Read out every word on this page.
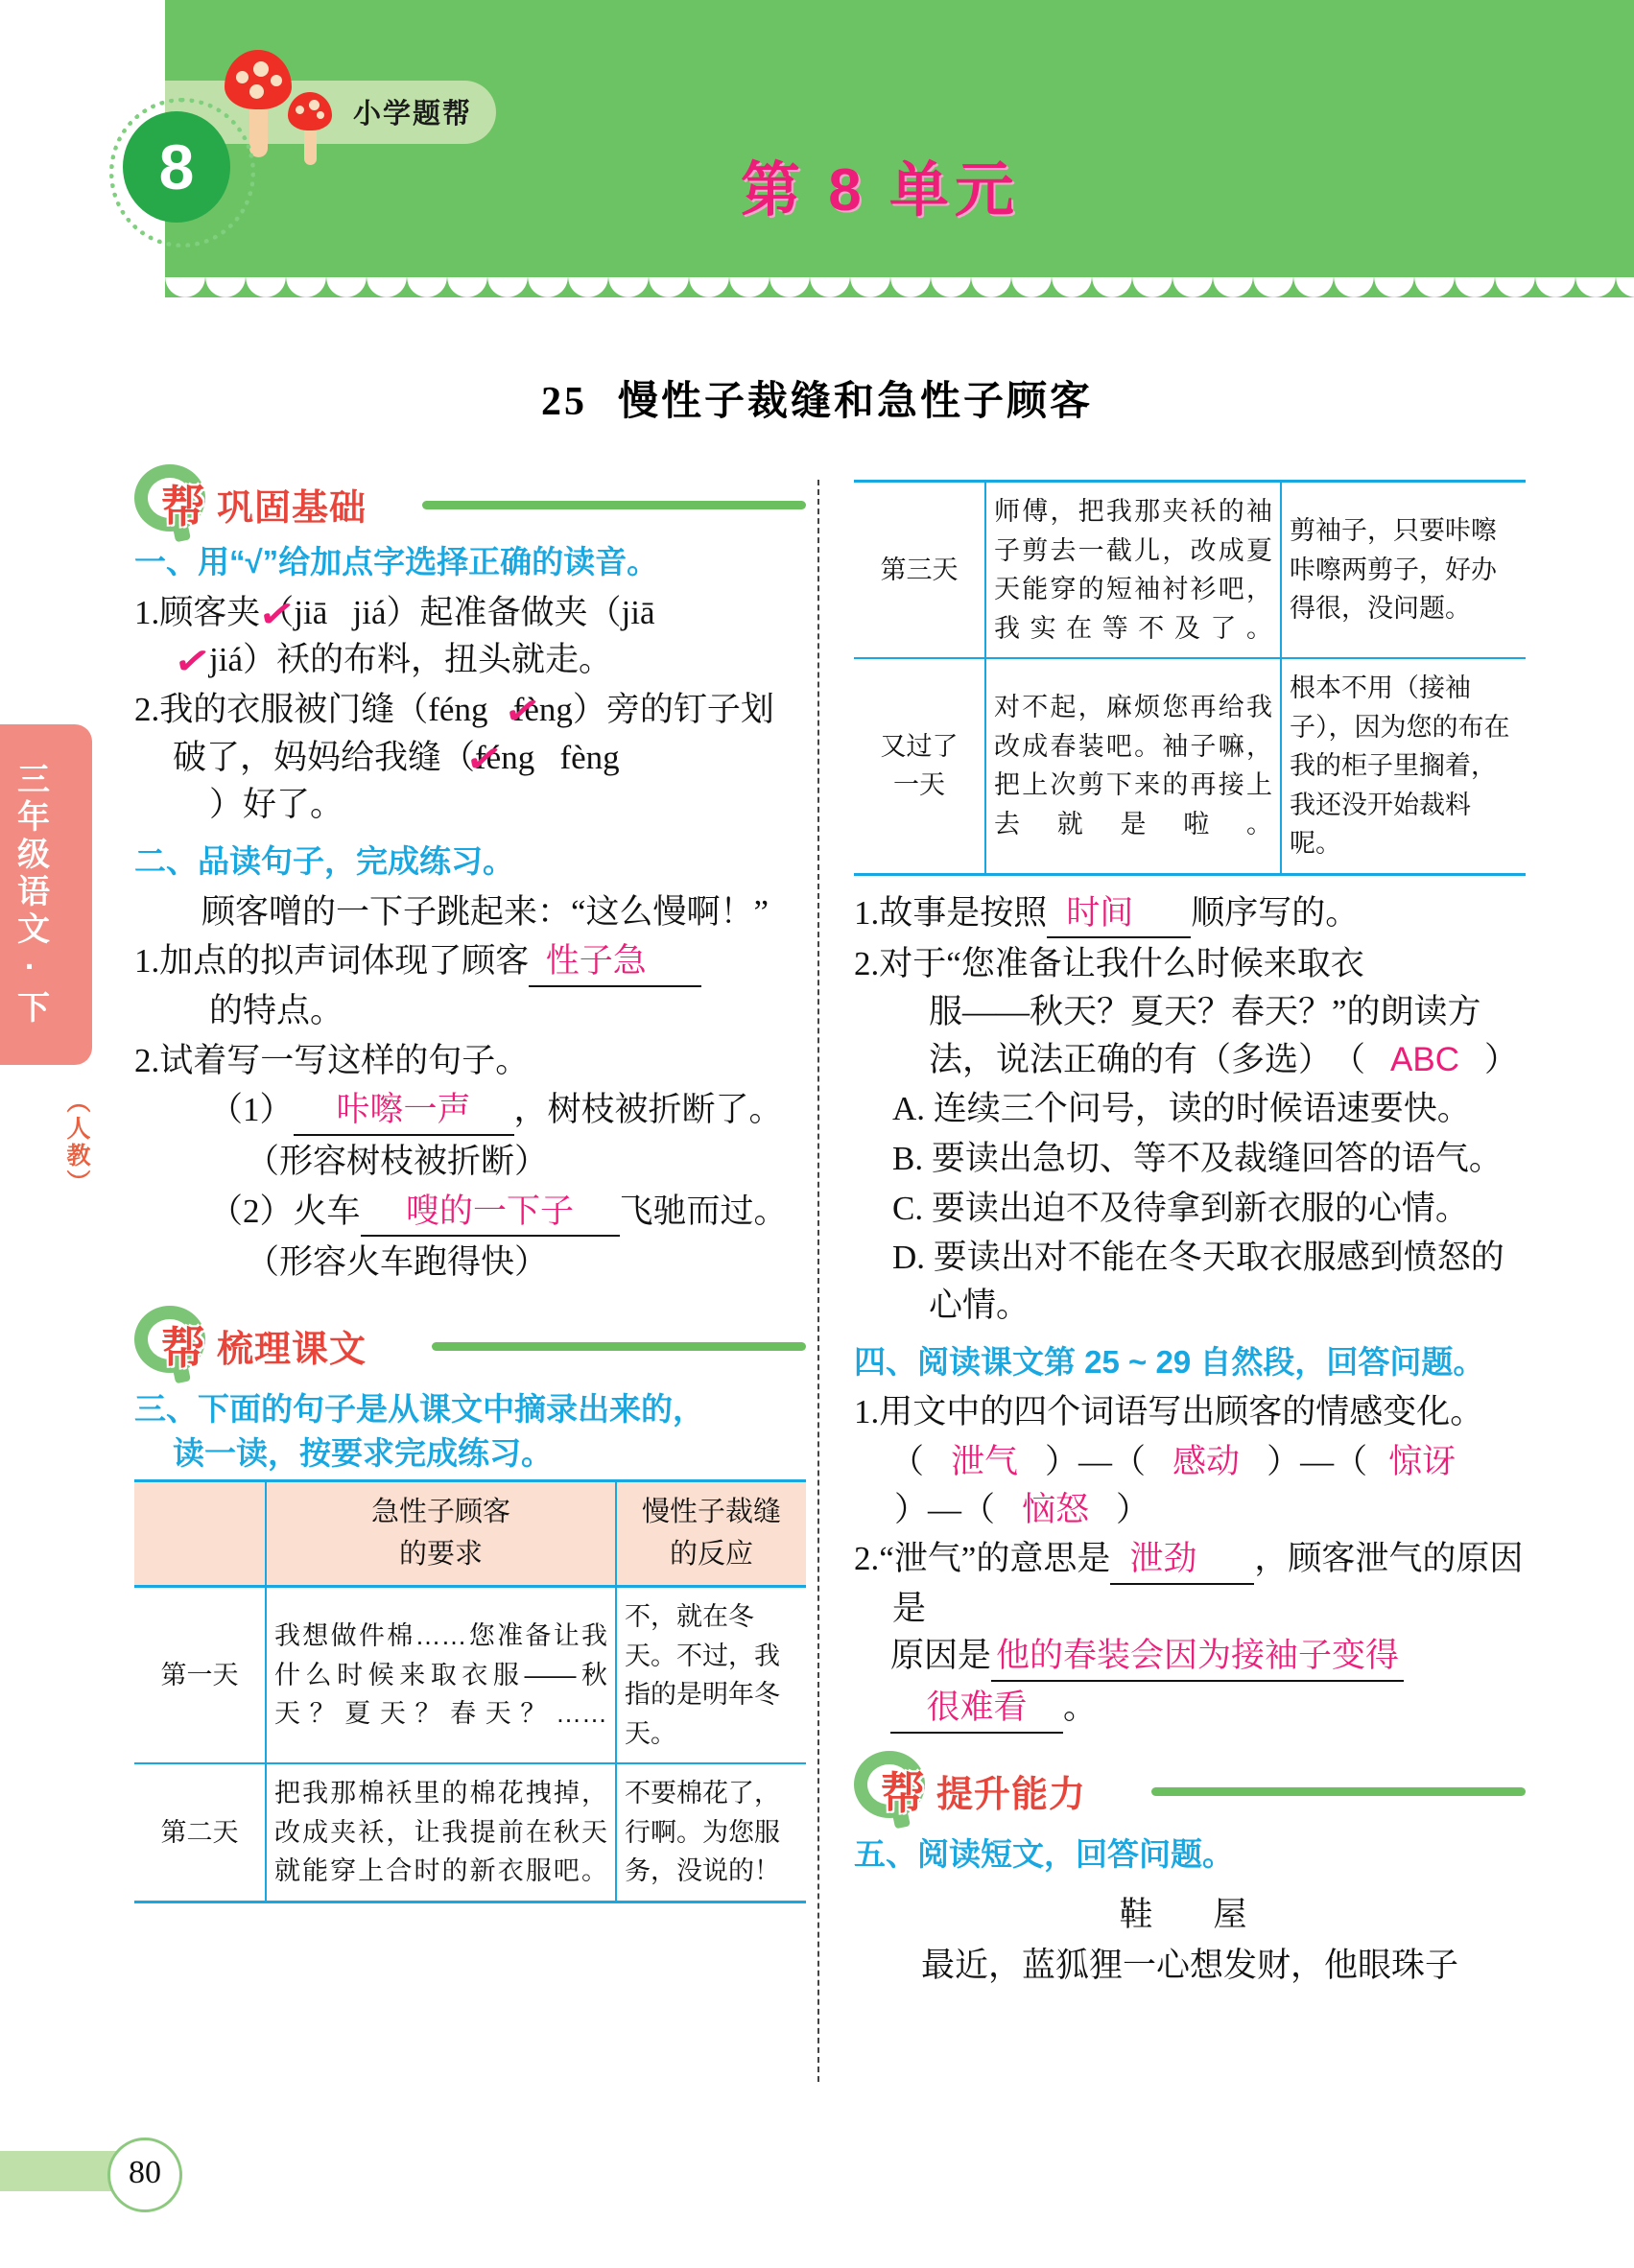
小学题帮
第 8 单元
8
25 慢性子裁缝和急性子顾客
三年级语文·下
（人教）
帮 巩固基础
一、用“√”给加点字选择正确的读音。
1.顾客夹（jiā jiá）起准备做夹（jiā
jiá）袄的布料，扭头就走。
2.我的衣服被门缝（féng fèng）旁的钉子划破了，妈妈给我缝（féng fèng
）好了。
二、品读句子，完成练习。
顾客噌的一下子跳起来：“这么慢啊！”
1.加点的拟声词体现了顾客 性子急
的特点。
2.试着写一写这样的句子。
（1） 咔嚓一声 ，树枝被折断了。
（形容树枝被折断）
（2）火车 嗖的一下子 飞驰而过。
（形容火车跑得快）
帮 梳理课文
三、下面的句子是从课文中摘录出来的，
读一读，按要求完成练习。
	急性子顾客
的要求	慢性子裁缝
的反应
第一天	我想做件棉……您准备让我什么时候来取衣服——秋天？夏天？春天？……	不，就在冬天。不过，我指的是明年冬天。
第二天	把我那棉袄里的棉花拽掉，改成夹袄，让我提前在秋天就能穿上合时的新衣服吧。	不要棉花了，行啊。为您服务，没说的！
第三天	师傅，把我那夹袄的袖子剪去一截儿，改成夏天能穿的短袖衬衫吧，我实在等不及了。	剪袖子，只要咔嚓咔嚓两剪子，好办得很，没问题。
又过了
一天	对不起，麻烦您再给我改成春装吧。袖子嘛，把上次剪下来的再接上去就是啦。	根本不用（接袖子），因为您的布在我的柜子里搁着，我还没开始裁料呢。
1.故事是按照 时间 顺序写的。
2.对于“您准备让我什么时候来取衣
服——秋天？夏天？春天？”的朗读方
法，说法正确的有（多选）　（ ABC ）
A. 连续三个问号，读的时候语速要快。
B. 要读出急切、等不及裁缝回答的语气。
C. 要读出迫不及待拿到新衣服的心情。
D. 要读出对不能在冬天取衣服感到愤怒的心情。
四、阅读课文第 25 ~ 29 自然段，回答问题。
1.用文中的四个词语写出顾客的情感变化。
（ 泄气 ）—（ 感动 ）—（ 惊讶
）—（ 恼怒 ）
2.“泄气”的意思是 泄劲 ，顾客泄气的原因是

原因是 他的春装会因为接袖子变得
很难看 。
帮 提升能力
五、阅读短文，回答问题。
鞋　屋
最近，蓝狐狸一心想发财，他眼珠子
80
